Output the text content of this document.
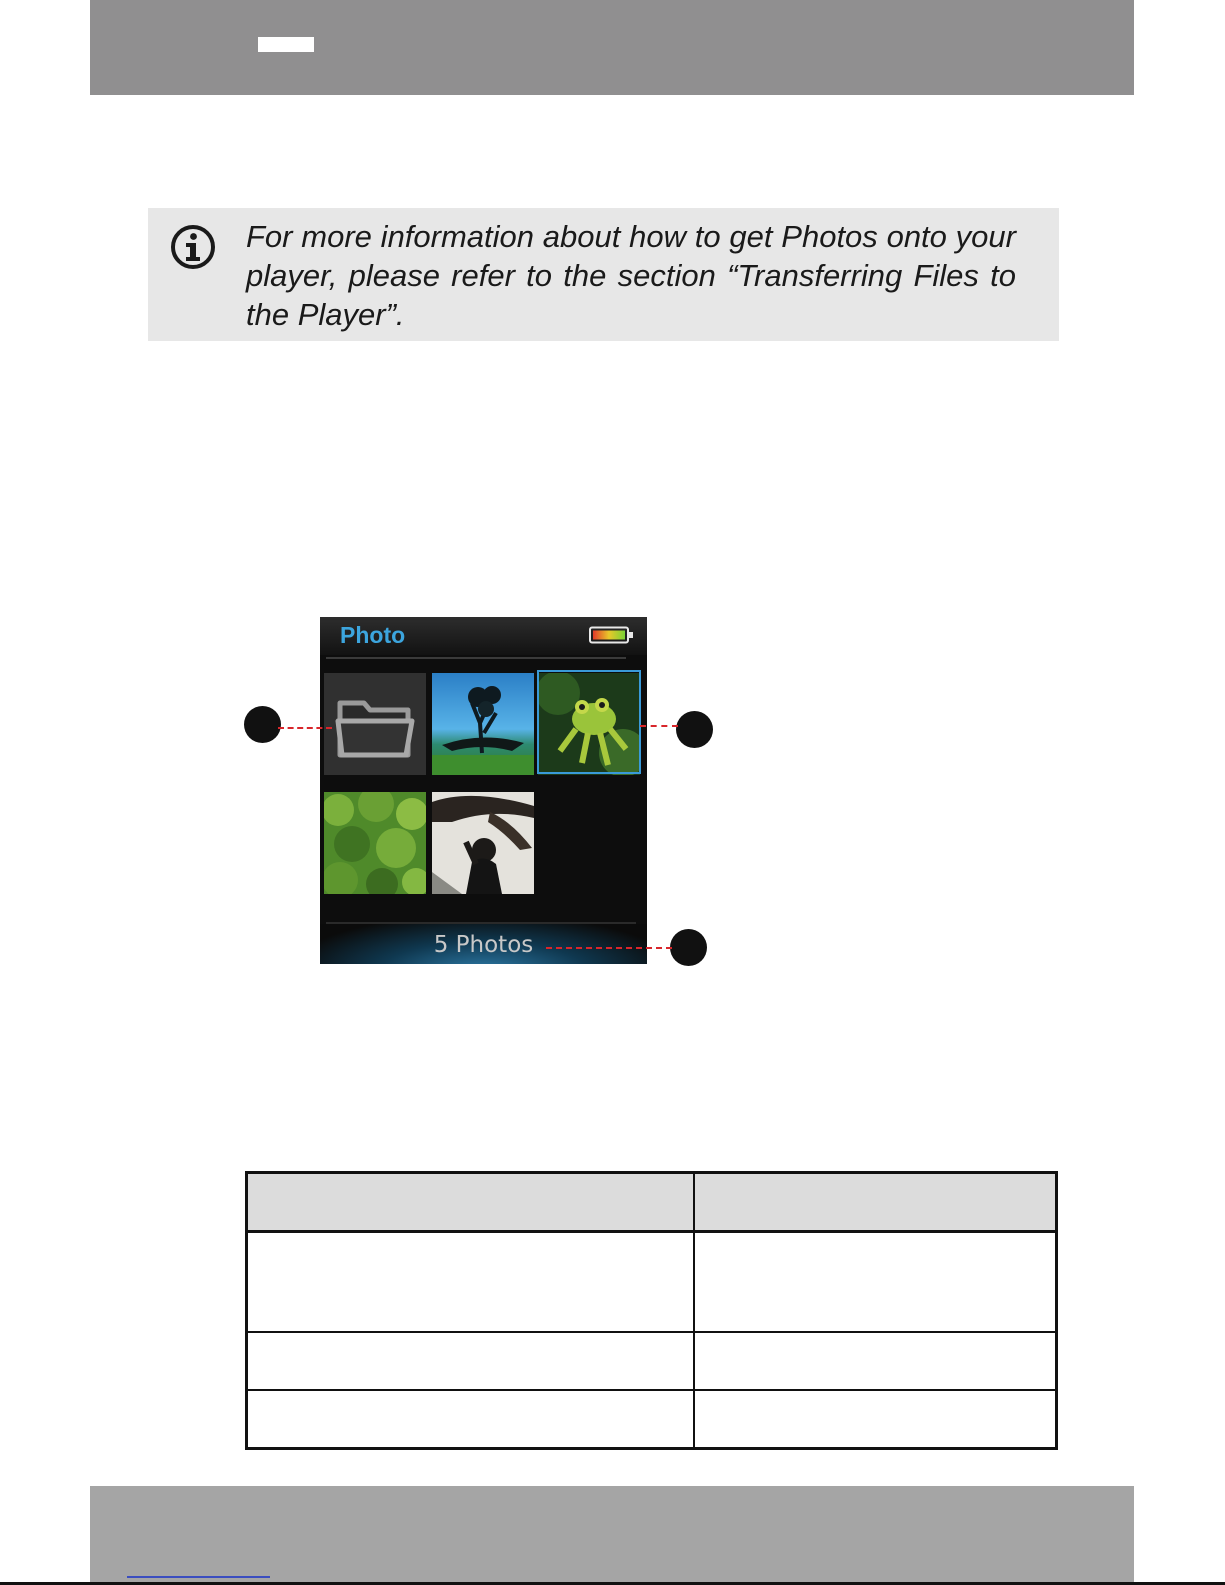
For more information about how to get Photos onto your player, please refer to the section “Transferring Files to the Player”.

Photo
5 Photos
